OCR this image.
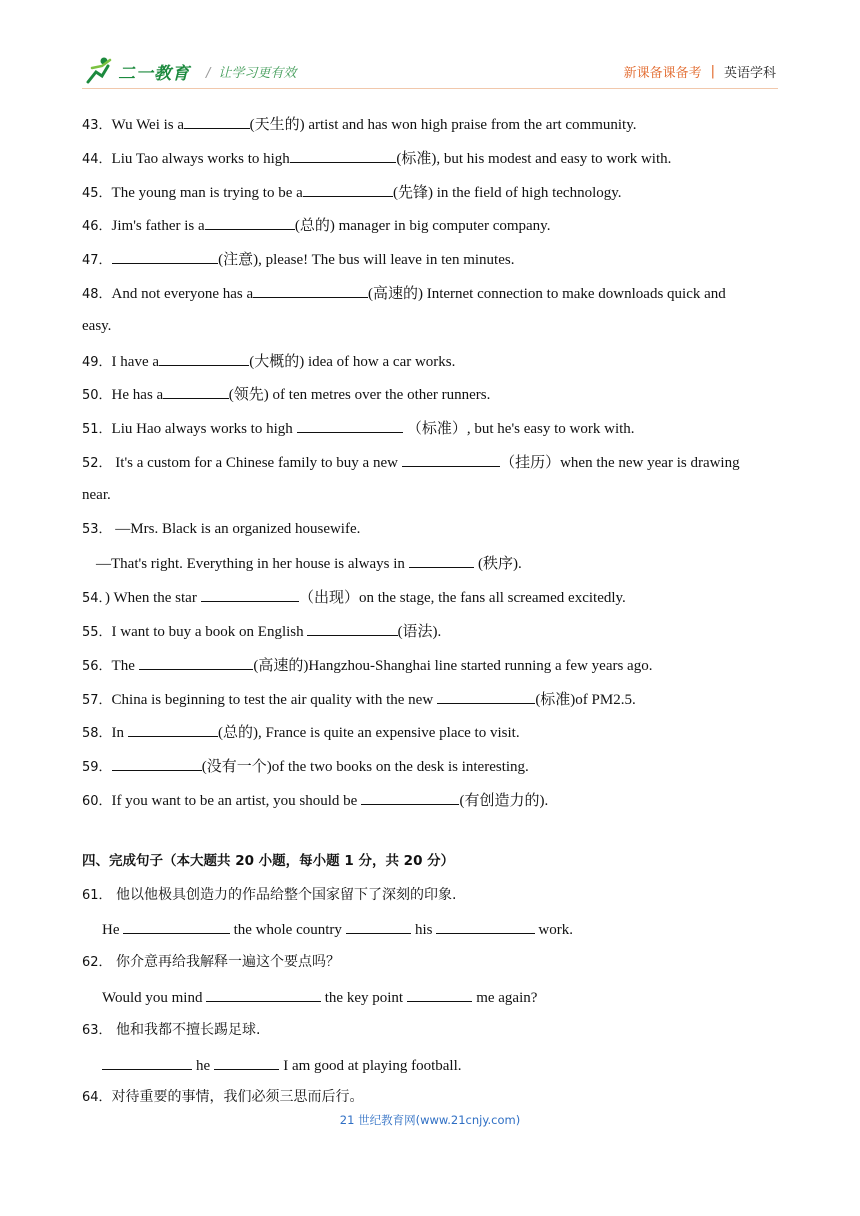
二一教育 / 让学习更有效	新课备课备考 | 英语学科
43．Wu Wei is a	(天生的) artist and has won high praise from the art community.
44．Liu Tao always works to high	(标准), but his modest and easy to work with.
45．The young man is trying to be a	(先锋) in the field of high technology.
46．Jim's father is a	(总的) manager in big computer company.
47．	(注意), please! The bus will leave in ten minutes.
48．And not everyone has a	(高速的) Internet connection to make downloads quick and
easy.
49．I have a	(大概的) idea of how a car works.
50．He has a	(领先) of ten metres over the other runners.
51．Liu Hao always works to high	（标准）, but he's easy to work with.
52． It's a custom for a Chinese family to buy a new	（挂历）when the new year is drawing
near.
53． —Mrs. Black is an organized housewife.
—That's right. Everything in her house is always in	(秩序).
54．) When the star	（出现）on the stage, the fans all screamed excitedly.
55．I want to buy a book on English	(语法).
56．The	(高速的)Hangzhou-Shanghai line started running a few years ago.
57．China is beginning to test the air quality with the new	(标准)of PM2.5.
58．In	(总的), France is quite an expensive place to visit.
59．	(没有一个)of the two books on the desk is interesting.
60．If you want to be an artist, you should be	(有创造力的).
四、完成句子（本大题共 20 小题，每小题 1 分，共 20 分）
61． 他以他极具创造力的作品给整个国家留下了深刻的印象.
He	the whole country	his	work.
62． 你介意再给我解释一遍这个要点吗？
Would you mind	the key point	me again?
63． 他和我都不擅长踢足球.
he	I am good at playing football.
64．对待重要的事情，我们必须三思而后行。
21 世纪教育网(www.21cnjy.com)
